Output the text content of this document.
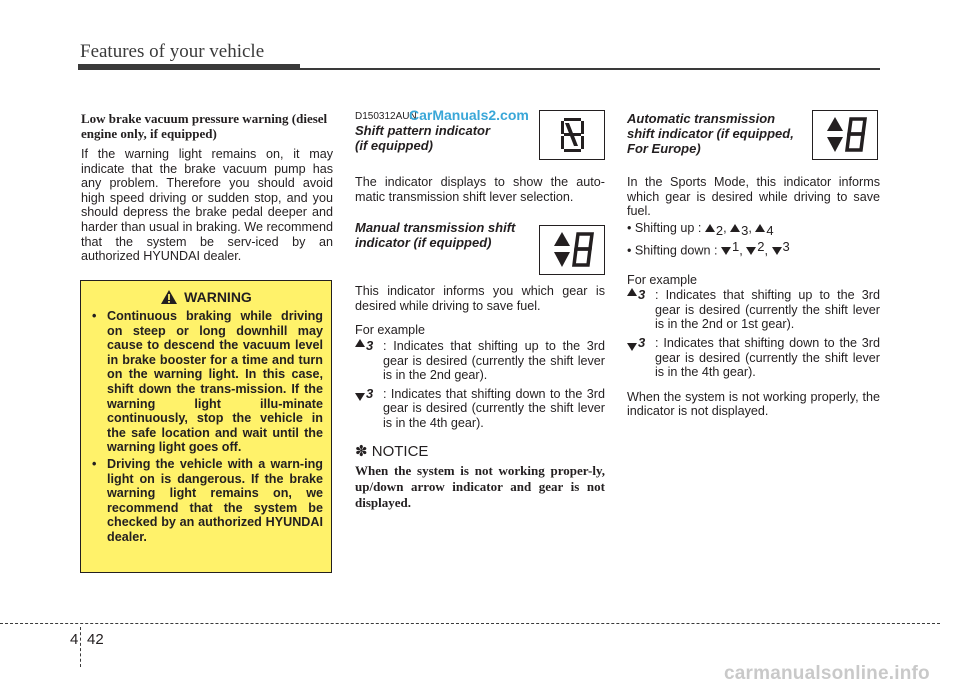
Features of your vehicle
Low brake vacuum pressure warning (diesel engine only, if equipped)

If the warning light remains on, it may indicate that the brake vacuum pump has any problem. Therefore you should avoid high speed driving or sudden stop, and you should depress the brake pedal deeper and harder than usual in braking. We recommend that the system be serv-iced by an authorized HYUNDAI dealer.

WARNING
• Continuous braking while driving on steep or long downhill may cause to descend the vacuum level in brake booster for a time and turn on the warning light. In this case, shift down the trans-mission. If the warning light illu-minate continuously, stop the vehicle in the safe location and wait until the warning light goes off.
• Driving the vehicle with a warn-ing light on is dangerous. If the brake warning light remains on, we recommend that the system be checked by an authorized HYUNDAI dealer.
D150312AUN
CarManuals2.com
Shift pattern indicator (if equipped)

The indicator displays to show the auto-matic transmission shift lever selection.

Manual transmission shift indicator (if equipped)

This indicator informs you which gear is desired while driving to save fuel.

For example

3 : Indicates that shifting up to the 3rd gear is desired (currently the shift lever is in the 2nd gear).
3 : Indicates that shifting down to the 3rd gear is desired (currently the shift lever is in the 4th gear).
✽ NOTICE

When the system is not working proper-ly, up/down arrow indicator and gear is not displayed.

Automatic transmission shift indicator (if equipped, For Europe)

In the Sports Mode, this indicator informs which gear is desired while driving to save fuel.

• Shifting up : 2 , 3 , 4
• Shifting down : 1 , 2 , 3

For example

3 : Indicates that shifting up to the 3rd gear is desired (currently the shift lever is in the 2nd or 1st gear).
3 : Indicates that shifting down to the 3rd gear is desired (currently the shift lever is in the 4th gear).

When the system is not working properly, the indicator is not displayed.

4 42
carmanualsonline.info
